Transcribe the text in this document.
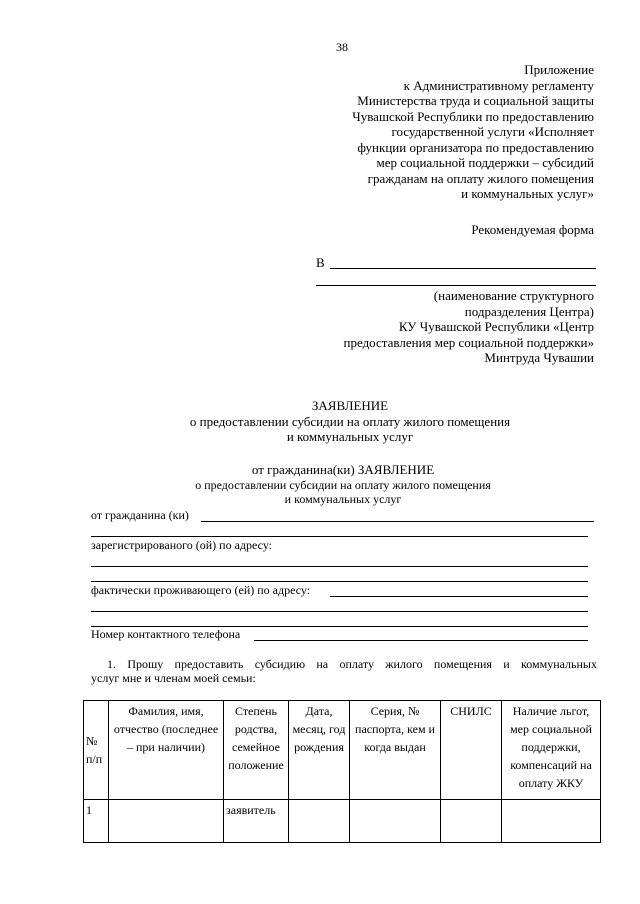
38
Приложение
к Административному регламенту
Министерства труда и социальной защиты
Чувашской Республики по предоставлению
государственной услуги «Исполняет
функции организатора по предоставлению
мер социальной поддержки – субсидий
гражданам на оплату жилого помещения
и коммунальных услуг»
Рекомендуемая форма
В
(наименование структурного
подразделения Центра)
КУ Чувашской Республики «Центр
предоставления мер социальной поддержки»
Минтруда Чувашии
ЗАЯВЛЕНИЕ
о предоставлении субсидии на оплату жилого помещения
и коммунальных услуг
от гражданина(ки) ЗАЯВЛЕНИЕ
о предоставлении субсидии на оплату жилого помещения
и коммунальных услуг
от гражданина (ки)
зарегистрированого (ой) по адресу:
фактически проживающего (ей) по адресу:
Номер контактного телефона
1. Прошу предоставить субсидию на оплату жилого помещения и коммунальных
услуг мне и членам моей семьи:
№ п/п	Фамилия, имя, отчество (последнее – при наличии)	Степень родства, семейное положение	Дата, месяц, год рождения	Серия, № паспорта, кем и когда выдан	СНИЛС	Наличие льгот, мер социальной поддержки, компенсаций на оплату ЖКУ
1		заявитель				
